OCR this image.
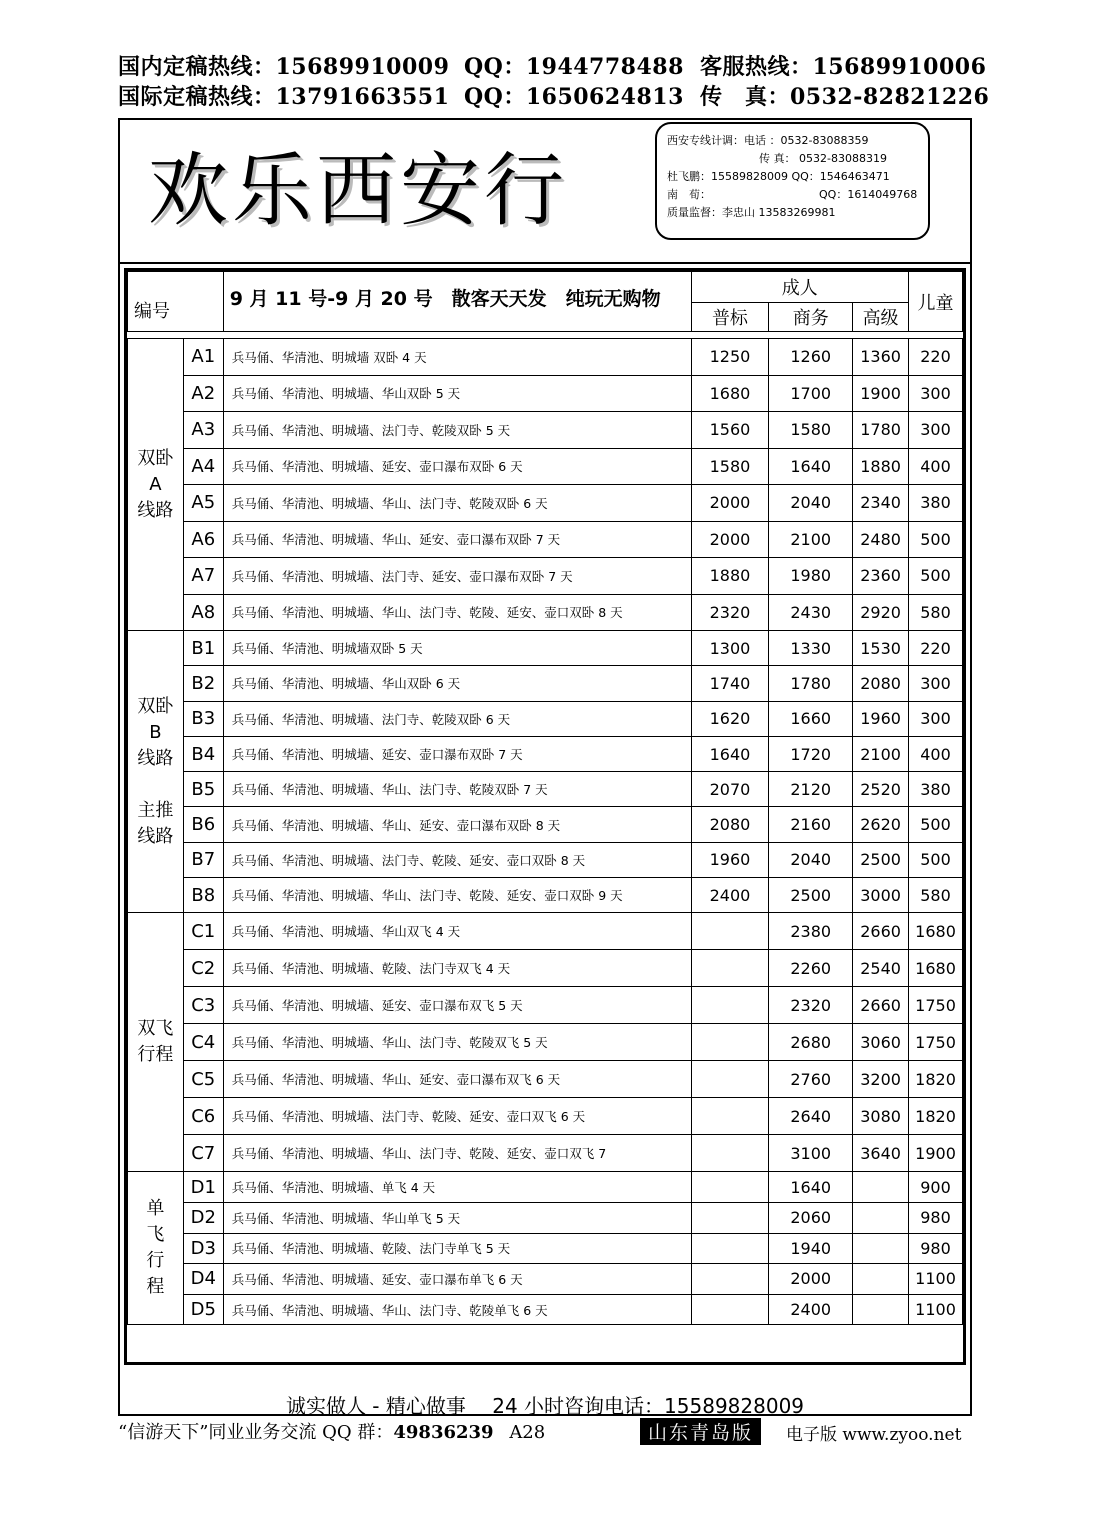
国内定稿热线：15689910009 QQ：1944778488 客服热线：15689910006
国际定稿热线：13791663551 QQ：1650624813 传　真：0532-82821226
欢乐西安行
西安专线计调：电话 ：0532-83088359
传 真： 0532-83088319
杜飞鹏：15589828009 QQ：1546463471
南　荀：	QQ：1614049768
质量监督：李忠山 13583269981
编号		9 月 11 号-9 月 20 号　散客天天发　纯玩无购物	成人			儿童
			普标	商务	高级	

双卧
A
线路	A1	兵马俑、华清池、明城墙 双卧 4 天	1250	1260	1360	220
	A2	兵马俑、华清池、明城墙、华山双卧 5 天	1680	1700	1900	300
	A3	兵马俑、华清池、明城墙、法门寺、乾陵双卧 5 天	1560	1580	1780	300
	A4	兵马俑、华清池、明城墙、延安、壶口瀑布双卧 6 天	1580	1640	1880	400
	A5	兵马俑、华清池、明城墙、华山、法门寺、乾陵双卧 6 天	2000	2040	2340	380
	A6	兵马俑、华清池、明城墙、华山、延安、壶口瀑布双卧 7 天	2000	2100	2480	500
	A7	兵马俑、华清池、明城墙、法门寺、延安、壶口瀑布双卧 7 天	1880	1980	2360	500
	A8	兵马俑、华清池、明城墙、华山、法门寺、乾陵、延安、壶口双卧 8 天	2320	2430	2920	580
双卧
B
线路

主推
线路	B1	兵马俑、华清池、明城墙双卧 5 天	1300	1330	1530	220
	B2	兵马俑、华清池、明城墙、华山双卧 6 天	1740	1780	2080	300
	B3	兵马俑、华清池、明城墙、法门寺、乾陵双卧 6 天	1620	1660	1960	300
	B4	兵马俑、华清池、明城墙、延安、壶口瀑布双卧 7 天	1640	1720	2100	400
	B5	兵马俑、华清池、明城墙、华山、法门寺、乾陵双卧 7 天	2070	2120	2520	380
	B6	兵马俑、华清池、明城墙、华山、延安、壶口瀑布双卧 8 天	2080	2160	2620	500
	B7	兵马俑、华清池、明城墙、法门寺、乾陵、延安、壶口双卧 8 天	1960	2040	2500	500
	B8	兵马俑、华清池、明城墙、华山、法门寺、乾陵、延安、壶口双卧 9 天	2400	2500	3000	580
双飞
行程	C1	兵马俑、华清池、明城墙、华山双飞 4 天		2380	2660	1680
	C2	兵马俑、华清池、明城墙、乾陵、法门寺双飞 4 天		2260	2540	1680
	C3	兵马俑、华清池、明城墙、延安、壶口瀑布双飞 5 天		2320	2660	1750
	C4	兵马俑、华清池、明城墙、华山、法门寺、乾陵双飞 5 天		2680	3060	1750
	C5	兵马俑、华清池、明城墙、华山、延安、壶口瀑布双飞 6 天		2760	3200	1820
	C6	兵马俑、华清池、明城墙、法门寺、乾陵、延安、壶口双飞 6 天		2640	3080	1820
	C7	兵马俑、华清池、明城墙、华山、法门寺、乾陵、延安、壶口双飞 7		3100	3640	1900
单
飞
行
程	D1	兵马俑、华清池、明城墙、单飞 4 天		1640		900
	D2	兵马俑、华清池、明城墙、华山单飞 5 天		2060		980
	D3	兵马俑、华清池、明城墙、乾陵、法门寺单飞 5 天		1940		980
	D4	兵马俑、华清池、明城墙、延安、壶口瀑布单飞 6 天		2000		1100
	D5	兵马俑、华清池、明城墙、华山、法门寺、乾陵单飞 6 天		2400		1100
诚实做人 - 精心做事　 24 小时咨询电话：15589828009
“信游天下”同业业务交流 QQ 群：49836239 A28	山东青岛版	电子版 www.zyoo.net
